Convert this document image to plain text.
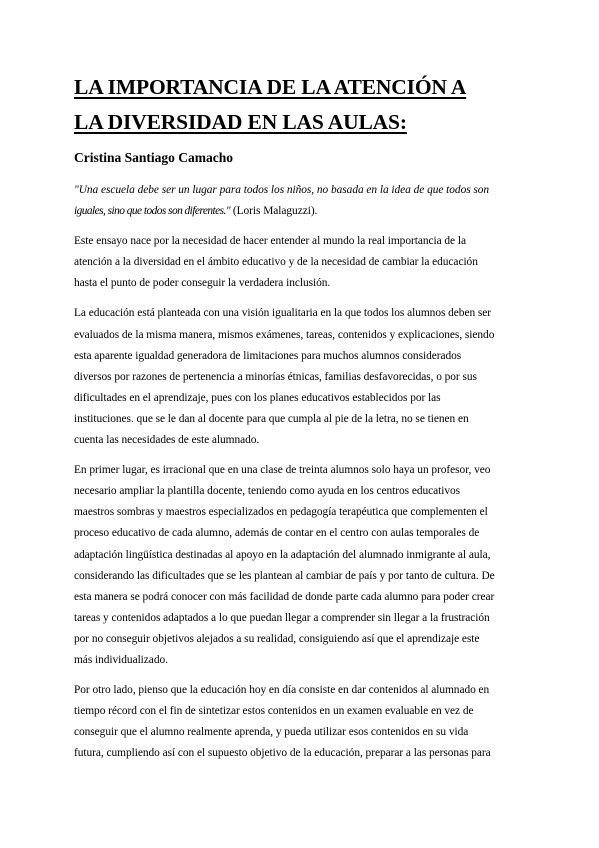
LA IMPORTANCIA DE LA ATENCIÓN A
LA DIVERSIDAD EN LAS AULAS:
Cristina Santiago Camacho

"Una escuela debe ser un lugar para todos los niños, no basada en la idea de que todos son
iguales, sino que todos son diferentes." (Loris Malaguzzi).

Este ensayo nace por la necesidad de hacer entender al mundo la real importancia de la
atención a la diversidad en el ámbito educativo y de la necesidad de cambiar la educación
hasta el punto de poder conseguir la verdadera inclusión.

La educación está planteada con una visión igualitaria en la que todos los alumnos deben ser
evaluados de la misma manera, mismos exámenes, tareas, contenidos y explicaciones, siendo
esta aparente igualdad generadora de limitaciones para muchos alumnos considerados
diversos por razones de pertenencia a minorías étnicas, familias desfavorecidas, o por sus
dificultades en el aprendizaje, pues con los planes educativos establecidos por las
instituciones. que se le dan al docente para que cumpla al pie de la letra, no se tienen en
cuenta las necesidades de este alumnado.

En primer lugar, es irracional que en una clase de treinta alumnos solo haya un profesor, veo
necesario ampliar la plantilla docente, teniendo como ayuda en los centros educativos
maestros sombras y maestros especializados en pedagogía terapéutica que complementen el
proceso educativo de cada alumno, además de contar en el centro con aulas temporales de
adaptación lingüística destinadas al apoyo en la adaptación del alumnado inmigrante al aula,
considerando las dificultades que se les plantean al cambiar de país y por tanto de cultura. De
esta manera se podrá conocer con más facilidad de donde parte cada alumno para poder crear
tareas y contenidos adaptados a lo que puedan llegar a comprender sin llegar a la frustración
por no conseguir objetivos alejados a su realidad, consiguiendo así que el aprendizaje este
más individualizado.

Por otro lado, pienso que la educación hoy en día consiste en dar contenidos al alumnado en
tiempo récord con el fin de sintetizar estos contenidos en un examen evaluable en vez de
conseguir que el alumno realmente aprenda, y pueda utilizar esos contenidos en su vida
futura, cumpliendo así con el supuesto objetivo de la educación, preparar a las personas para
